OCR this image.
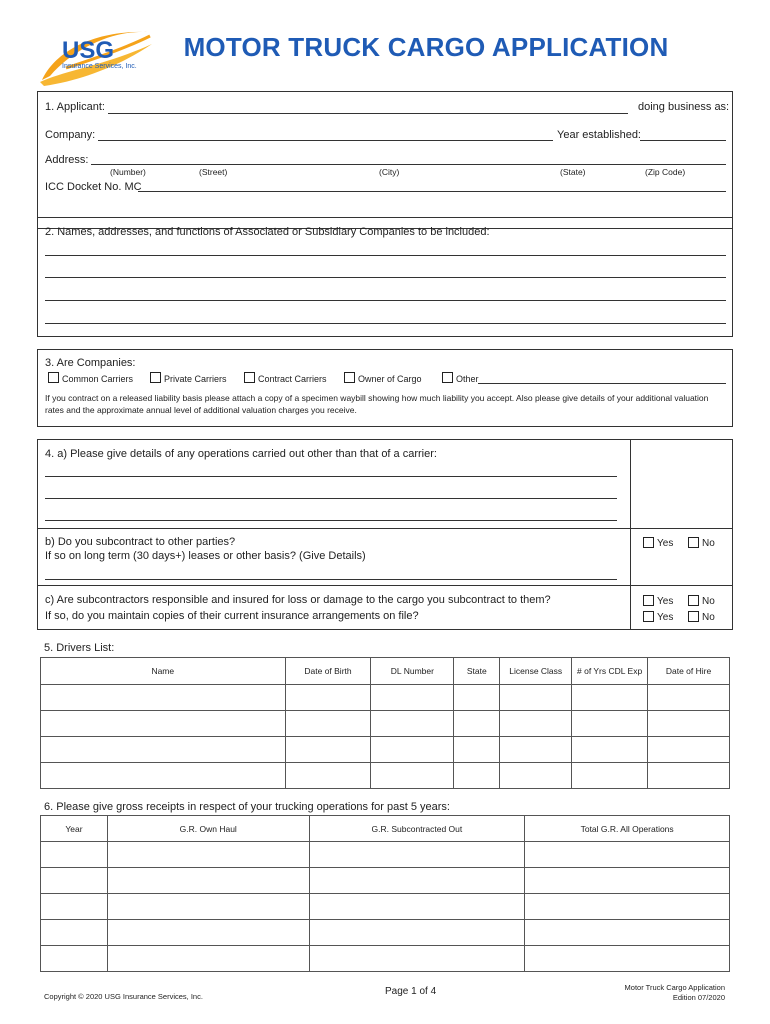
USG
Insurance Services, Inc.
MOTOR TRUCK CARGO APPLICATION
1. Applicant:	doing business as:
Company:	Year established:
Address:
(Number)	(Street)	(City)	(State)	(Zip Code)
ICC Docket No. MC
2. Names, addresses, and functions of Associated or Subsidiary Companies to be included:
3. Are Companies:
Common Carriers	Private Carriers	Contract Carriers	Owner of Cargo	Other
If you contract on a released liability basis please attach a copy of a specimen waybill showing how much liability you accept. Also please give details of your additional valuation rates and the approximate annual level of additional valuation charges you receive.
4. a) Please give details of any operations carried out other than that of a carrier:
b) Do you subcontract to other parties?
If so on long term (30 days+) leases or other basis? (Give Details)
Yes	No
c) Are subcontractors responsible and insured for loss or damage to the cargo you subcontract to them?
If so, do you maintain copies of their current insurance arrangements on file?
Yes	No
Yes	No
5. Drivers List:
Name	Date of Birth	DL Number	State	License Class	# of Yrs CDL Exp	Date of Hire

6. Please give gross receipts in respect of your trucking operations for past 5 years:
Year	G.R. Own Haul	G.R. Subcontracted Out	Total G.R. All Operations

Copyright © 2020 USG Insurance Services, Inc.	Page 1 of 4	Motor Truck Cargo Application
Edition 07/2020
